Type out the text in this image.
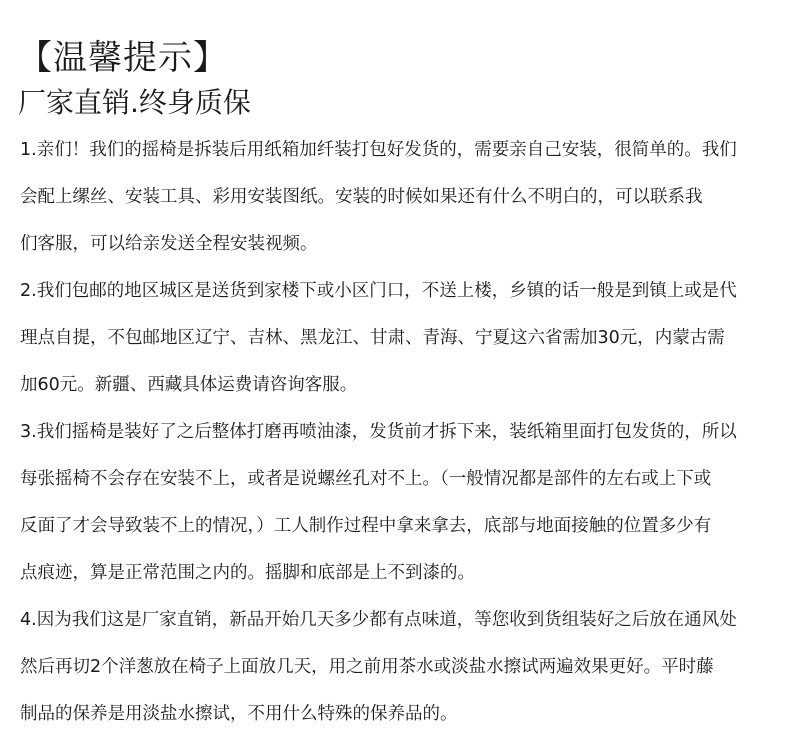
【温馨提示】
厂家直销.终身质保
1.亲们！我们的摇椅是拆装后用纸箱加纤装打包好发货的，需要亲自己安装，很简单的。我们
会配上缧丝、安装工具、彩用安装图纸。安装的时候如果还有什么不明白的，可以联系我
们客服，可以给亲发送全程安装视频。
2.我们包邮的地区城区是送货到家楼下或小区门口，不送上楼，乡镇的话一般是到镇上或是代
理点自提，不包邮地区辽宁、吉林、黑龙江、甘肃、青海、宁夏这六省需加30元，内蒙古需
加60元。新疆、西藏具体运费请咨询客服。
3.我们摇椅是装好了之后整体打磨再喷油漆，发货前才拆下来，装纸箱里面打包发货的，所以
每张摇椅不会存在安装不上，或者是说螺丝孔对不上。（一般情况都是部件的左右或上下或
反面了才会导致装不上的情况，）工人制作过程中拿来拿去，底部与地面接触的位置多少有
点痕迹，算是正常范围之内的。摇脚和底部是上不到漆的。
4.因为我们这是厂家直销，新品开始几天多少都有点味道，等您收到货组装好之后放在通风处
然后再切2个洋葱放在椅子上面放几天，用之前用茶水或淡盐水擦试两遍效果更好。平时藤
制品的保养是用淡盐水擦试，不用什么特殊的保养品的。
